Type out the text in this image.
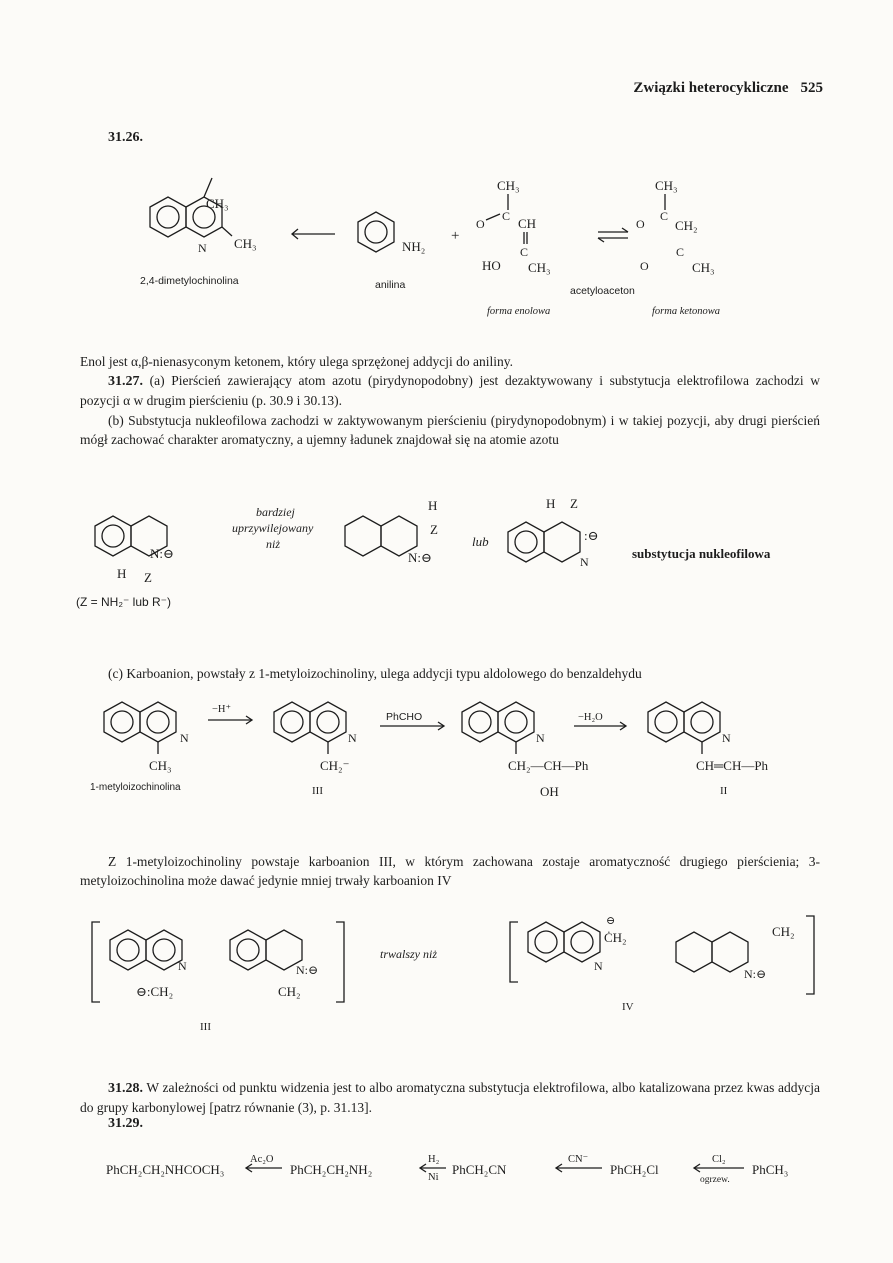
Związki heterocykliczne 525
31.26.
CH₃
CH₃
N
2,4-dimetylochinolina
NH₂
anilina
+
CH₃
O
C CH
C
HO CH₃
CH₃
O
C
CH₂
C
O	CH₃
acetyloaceton
forma enolowa	forma ketonowa
Enol jest α,β-nienasyconym ketonem, który ulega sprzężonej addycji do aniliny.
31.27. (a) Pierścień zawierający atom azotu (pirydynopodobny) jest dezaktywowany i substytucja elektrofilowa zachodzi w pozycji α w drugim pierścieniu (p. 30.9 i 30.13).
(b) Substytucja nukleofilowa zachodzi w zaktywowanym pierścieniu (pirydynopodobnym) i w takiej pozycji, aby drugi pierścień mógł zachować charakter aromatyczny, a ujemny ładunek znajdował się na atomie azotu
N:⊖
H Z
bardziej
uprzywilejowany
niż
H
Z
N:⊖
lub
H Z
:⊖
N
substytucja nukleofilowa
(Z = NH₂⁻ lub R⁻)
(c) Karboanion, powstały z 1-metyloizochinoliny, ulega addycji typu aldolowego do benzaldehydu
N
CH₃
1-metyloizochinolina
−H⁺
N
CH₂⁻
III
PhCHO
N
CH₂—CH—Ph
OH
−H₂O
N
CH═CH—Ph
II
Z 1-metyloizochinoliny powstaje karboanion III, w którym zachowana zostaje aromatyczność drugiego pierścienia; 3-metyloizochinolina może dawać jedynie mniej trwały karboanion IV
N
⊖:CH₂
N:⊖
CH₂
III
trwalszy niż
⊖
ĊH₂
N
CH₂
N:⊖
IV
31.28. W zależności od punktu widzenia jest to albo aromatyczna substytucja elektrofilowa, albo katalizowana przez kwas addycja do grupy karbonylowej [patrz równanie (3), p. 31.13].
31.29.
PhCH₂CH₂NHCOCH₃
Ac₂O
PhCH₂CH₂NH₂
H₂
Ni
PhCH₂CN
CN⁻
PhCH₂Cl
Cl₂
ogrzew.
PhCH₃
